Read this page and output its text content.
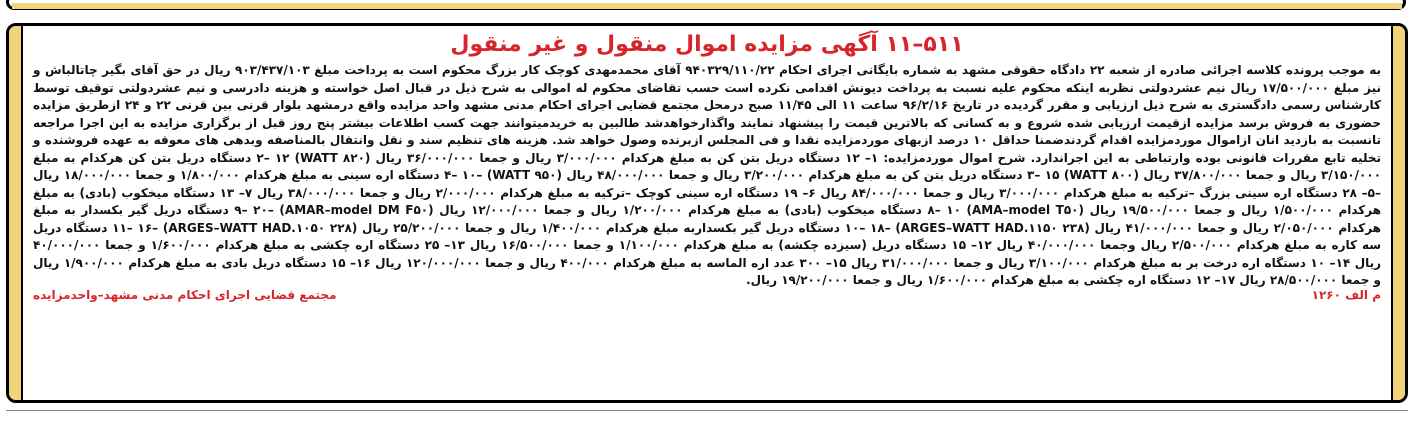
۵۱۱–۱۱ آگهی مزایده اموال منقول و غیر منقول

به موجب پرونده کلاسه اجرائی صادره از شعبه ۲۲ دادگاه حقوقی مشهد به شماره بایگانی اجرای احکام ۹۴۰۳۲۹/۱۱۰/۲۲ آقای محمدمهدی کوچک کار بزرگ محکوم است به پرداخت مبلغ ۹۰۳/۴۳۷/۱۰۳ ریال در حق آقای بگیر چاتالباش و نیز مبلغ ۱۷/۵۰۰/۰۰۰ ریال نیم عشردولتی نظربه اینکه محکوم علیه نسبت به پرداخت دیونش اقدامی نکرده است حسب تقاضای محکوم له اموالی به شرح ذیل در قبال اصل خواسته و هزینه دادرسی و نیم عشردولتی توقیف توسط کارشناس رسمی دادگستری به شرح ذیل ارزیابی و مقرر گردیده در تاریخ ۹۶/۲/۱۶ ساعت ۱۱ الی ۱۱/۴۵ صبح درمحل مجتمع قضایی اجرای احکام مدنی مشهد واحد مزایده واقع درمشهد بلوار قرنی بین قرنی ۲۲ و ۲۴ ازطریق مزایده حضوری به فروش برسد مزایده ازقیمت ارزیابی شده شروع و به کسانی که بالاترین قیمت را پیشنهاد نمایند واگذارخواهدشد طالبین به خریدمیتوانند جهت کسب اطلاعات بیشتر پنج روز قبل از برگزاری مزایده به این اجرا مراجعه تانسبت به بازدید انان ازاموال موردمزایده اقدام گردندضمنا حداقل ۱۰ درصد ازبهای موردمزایده نقدا و فی المجلس ازبرنده وصول خواهد شد. هزینه های تنظیم سند و نقل وانتقال بالمناصفه وبدهی های معوقه به عهده فروشنده و تخلیه تابع مقررات قانونی بوده وارتباطی به این اجراندارد. شرح اموال موردمزایده: ۱– ۱۲ دستگاه دریل بتن کن به مبلغ هرکدام ۳/۰۰۰/۰۰۰ ریال و جمعا ۳۶/۰۰۰/۰۰۰ ریال (WATT ۸۲۰) ۲– ۱۲ دستگاه دریل بتن کن هرکدام به مبلغ ۳/۱۵۰/۰۰۰ ریال و جمعا ۳۷/۸۰۰/۰۰۰ ریال (WATT ۸۰۰) ۳– ۱۵ دستگاه دریل بتن کن به مبلغ هرکدام ۳/۲۰۰/۰۰۰ ریال و جمعا ۴۸/۰۰۰/۰۰۰ ریال (WATT ۹۵۰) –۴– ۱۰ دستگاه اره سینی به مبلغ هرکدام ۱/۸۰۰/۰۰۰ و جمعا ۱۸/۰۰۰/۰۰۰ ریال –۵– ۲۸ دستگاه اره سینی بزرگ –ترکیه به مبلغ هرکدام ۳/۰۰۰/۰۰۰ ریال و جمعا ۸۴/۰۰۰/۰۰۰ ریال ۶– ۱۹ دستگاه اره سینی کوچک –ترکیه به مبلغ هرکدام ۲/۰۰۰/۰۰۰ ریال و جمعا ۳۸/۰۰۰/۰۰۰ ریال ۷– ۱۳ دستگاه میخکوب (بادی) به مبلغ هرکدام ۱/۵۰۰/۰۰۰ ریال و جمعا ۱۹/۵۰۰/۰۰۰ ریال (AMA–model T۵۰) ۸– ۱۰ دستگاه میخکوب (بادی) به مبلغ هرکدام ۱/۲۰۰/۰۰۰ ریال و جمعا ۱۲/۰۰۰/۰۰۰ ریال (AMAR–model DM F۵۰) –۹– ۲۰ دستگاه دریل گیر بکسدار به مبلغ هرکدام ۲/۰۵۰/۰۰۰ ریال و جمعا ۴۱/۰۰۰/۰۰۰ ریال (ARGES–WATT HAD.۱۱۵۰ ۲۳۸) –۱۰– ۱۸ دستگاه دریل گیر بکسداربه مبلغ هرکدام ۱/۴۰۰/۰۰۰ ریال و جمعا ۲۵/۲۰۰/۰۰۰ ریال (ARGES–WATT HAD.۱۰۵۰ ۲۲۸) –۱۱– ۱۶ دستگاه دریل سه کاره به مبلغ هرکدام ۲/۵۰۰/۰۰۰ ریال وجمعا ۴۰/۰۰۰/۰۰۰ ریال ۱۲– ۱۵ دستگاه دریل (سیزده چکشه) به مبلغ هرکدام ۱/۱۰۰/۰۰۰ و جمعا ۱۶/۵۰۰/۰۰۰ ریال ۱۳– ۲۵ دستگاه اره چکشی به مبلغ هرکدام ۱/۶۰۰/۰۰۰ و جمعا ۴۰/۰۰۰/۰۰۰ ریال ۱۴– ۱۰ دستگاه اره درخت بر به مبلغ هرکدام ۳/۱۰۰/۰۰۰ ریال و جمعا ۳۱/۰۰۰/۰۰۰ ریال ۱۵– ۳۰۰ عدد اره الماسه به مبلغ هرکدام ۴۰۰/۰۰۰ ریال و جمعا ۱۲۰/۰۰۰/۰۰۰ ریال ۱۶– ۱۵ دستگاه دریل بادی به مبلغ هرکدام ۱/۹۰۰/۰۰۰ ریال و جمعا ۲۸/۵۰۰/۰۰۰ ریال ۱۷– ۱۲ دستگاه اره چکشی به مبلغ هرکدام ۱/۶۰۰/۰۰۰ ریال و جمعا ۱۹/۲۰۰/۰۰۰ ریال.

م الف ۱۲۶۰
مجتمع قضایی اجرای احکام مدنی مشهد–واحدمزایده
